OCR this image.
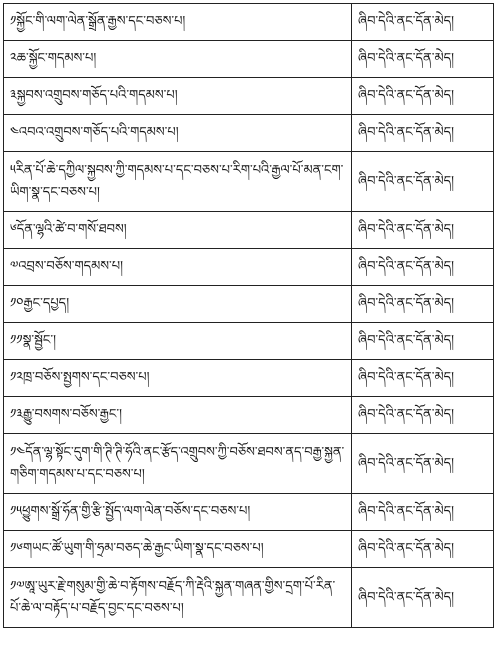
༡སྐྱོང་གི་ལག་ལེན་སྒྲོན་རྒྱས་དང་བཅས་པ།	ཞིབ་དེའི་ནང་དོན་མེད།
༢ཆ་སྐྱོང་གདམས་པ།	ཞིབ་དེའི་ནང་དོན་མེད།
༣སྐྱབས་འགྲུབས་གཅོད་པའི་གདམས་པ།	ཞིབ་དེའི་ནང་དོན་མེད།
༤འབའ་འགྲུབས་གཅོད་པའི་གདམས་པ།	ཞིབ་དེའི་ནང་དོན་མེད།
༥རིན་པོ་ཆེ་དཀྱིལ་སྐྱབས་ཀྱི་གདམས་པ་དང་བཅས་པ་རིག་པའི་རྒྱལ་པོ་མན་ངག་ཡིག་སྣ་དང་བཅས་པ།	ཞིབ་དེའི་ནང་དོན་མེད།
༦དོན་ལྷའི་ཚེ་བ་གསོ་ཐབས།	ཞིབ་དེའི་ནང་དོན་མེད།
༧འབྲས་བཅོས་གདམས་པ།	ཞིབ་དེའི་ནང་དོན་མེད།
༡༠རྒྱང་དཔྱད།	ཞིབ་དེའི་ནང་དོན་མེད།
༡༡སྣ་སྦྱོང་།	ཞིབ་དེའི་ནང་དོན་མེད།
༡༢ཁྲ་བཅོས་སྤྱགས་དང་བཅས་པ།	ཞིབ་དེའི་ནང་དོན་མེད།
༡༣རྒྱུ་བསགས་བཅོས་རྒྱང་།	ཞིབ་དེའི་ནང་དོན་མེད།
༡༤དོན་ལྷ་སྟོང་དུག་གི་ཊི་ཊི་ཧོའི་ནང་རྩོད་འགྲུབས་ཀྱི་བཅོས་ཐབས་ནད་བརྒྱ་སྐྱན་གཅིག་གདམས་པ་དང་བཅས་པ།	ཞིབ་དེའི་ནང་དོན་མེད།
༡༥ཕྱུགས་སྒྲོ་ཧོན་གྱི་རྩི་སྤྱོད་ལག་ལེན་བཅོས་དང་བཅས་པ།	ཞིབ་དེའི་ནང་དོན་མེད།
༡༦གཡང་ཚོ་ཡུག་གི་ཧྲམ་བཅད་ཆེ་རྒྱང་ཡིག་སྣ་དང་བཅས་པ།	ཞིབ་དེའི་ནང་དོན་མེད།
༡༧ཨཱ་ཡུར་རྗེ་གསུམ་གྱི་ཆེ་བ་རྟོགས་བརྗོད་ཀི་རྡེའི་སྐྱན་གཞན་གྱིས་དྲག་པོ་རིན་པོ་ཆེ་ལ་བརྟོད་པ་བརྗོད་བྱང་དང་བཅས་པ།	ཞིབ་དེའི་ནང་དོན་མེད།
